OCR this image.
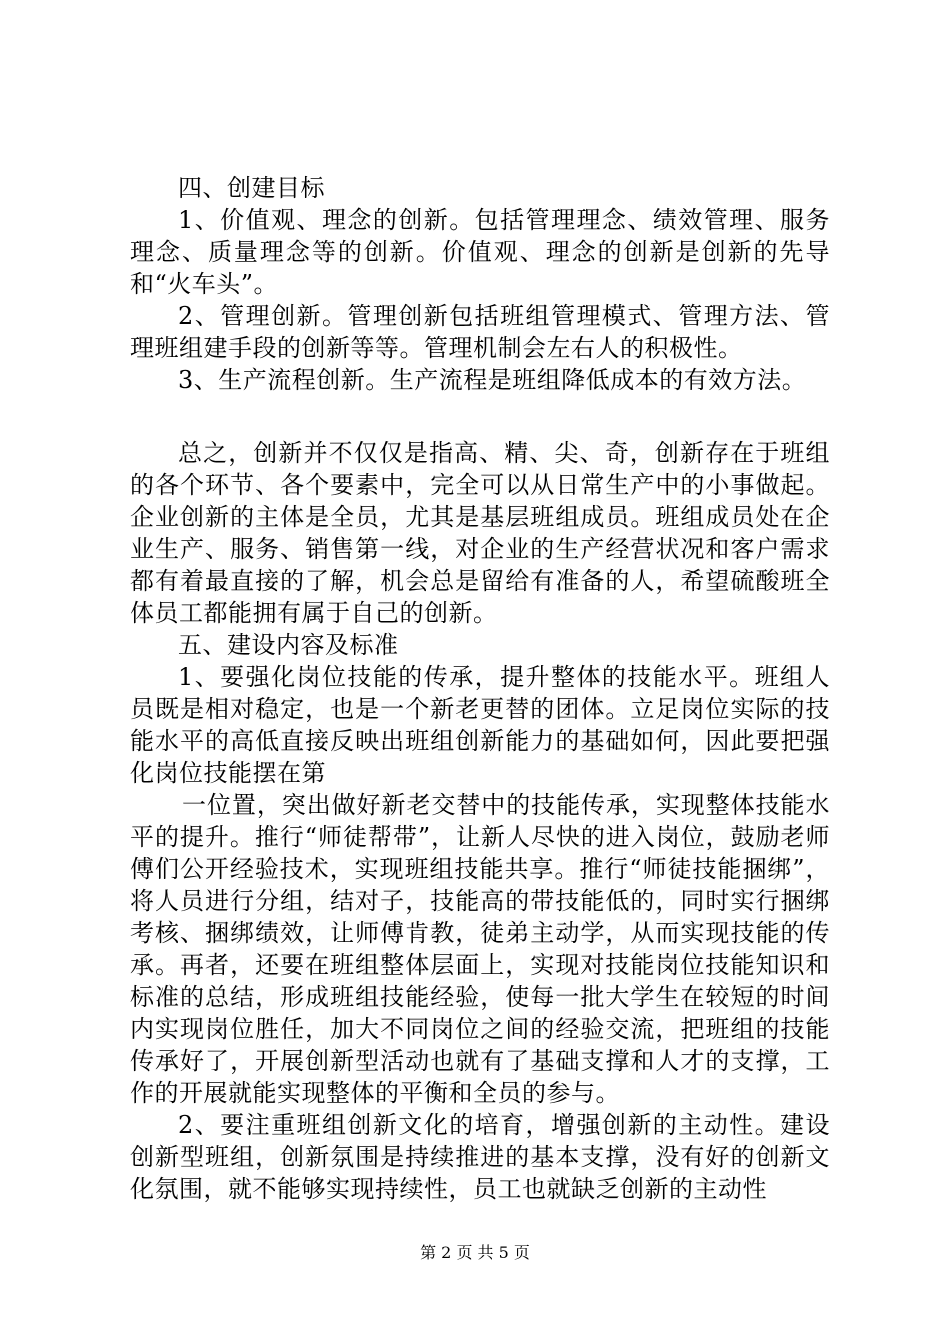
四、创建目标

1、价值观、理念的创新。包括管理理念、绩效管理、服务理念、质量理念等的创新。价值观、理念的创新是创新的先导和“火车头”。

2、管理创新。管理创新包括班组管理模式、管理方法、管理班组建手段的创新等等。管理机制会左右人的积极性。

3、生产流程创新。生产流程是班组降低成本的有效方法。

总之，创新并不仅仅是指高、精、尖、奇，创新存在于班组的各个环节、各个要素中，完全可以从日常生产中的小事做起。企业创新的主体是全员，尤其是基层班组成员。班组成员处在企业生产、服务、销售第一线，对企业的生产经营状况和客户需求都有着最直接的了解，机会总是留给有准备的人，希望硫酸班全体员工都能拥有属于自己的创新。

五、建设内容及标准

1、要强化岗位技能的传承，提升整体的技能水平。班组人员既是相对稳定，也是一个新老更替的团体。立足岗位实际的技能水平的高低直接反映出班组创新能力的基础如何，因此要把强化岗位技能摆在第

一位置，突出做好新老交替中的技能传承，实现整体技能水平的提升。推行“师徒帮带”，让新人尽快的进入岗位，鼓励老师傅们公开经验技术，实现班组技能共享。推行“师徒技能捆绑”，将人员进行分组，结对子，技能高的带技能低的，同时实行捆绑考核、捆绑绩效，让师傅肯教，徒弟主动学，从而实现技能的传承。再者，还要在班组整体层面上，实现对技能岗位技能知识和标准的总结，形成班组技能经验，使每一批大学生在较短的时间内实现岗位胜任，加大不同岗位之间的经验交流，把班组的技能传承好了，开展创新型活动也就有了基础支撑和人才的支撑，工作的开展就能实现整体的平衡和全员的参与。

2、要注重班组创新文化的培育，增强创新的主动性。建设创新型班组，创新氛围是持续推进的基本支撑，没有好的创新文化氛围，就不能够实现持续性，员工也就缺乏创新的主动性

第 2 页 共 5 页
